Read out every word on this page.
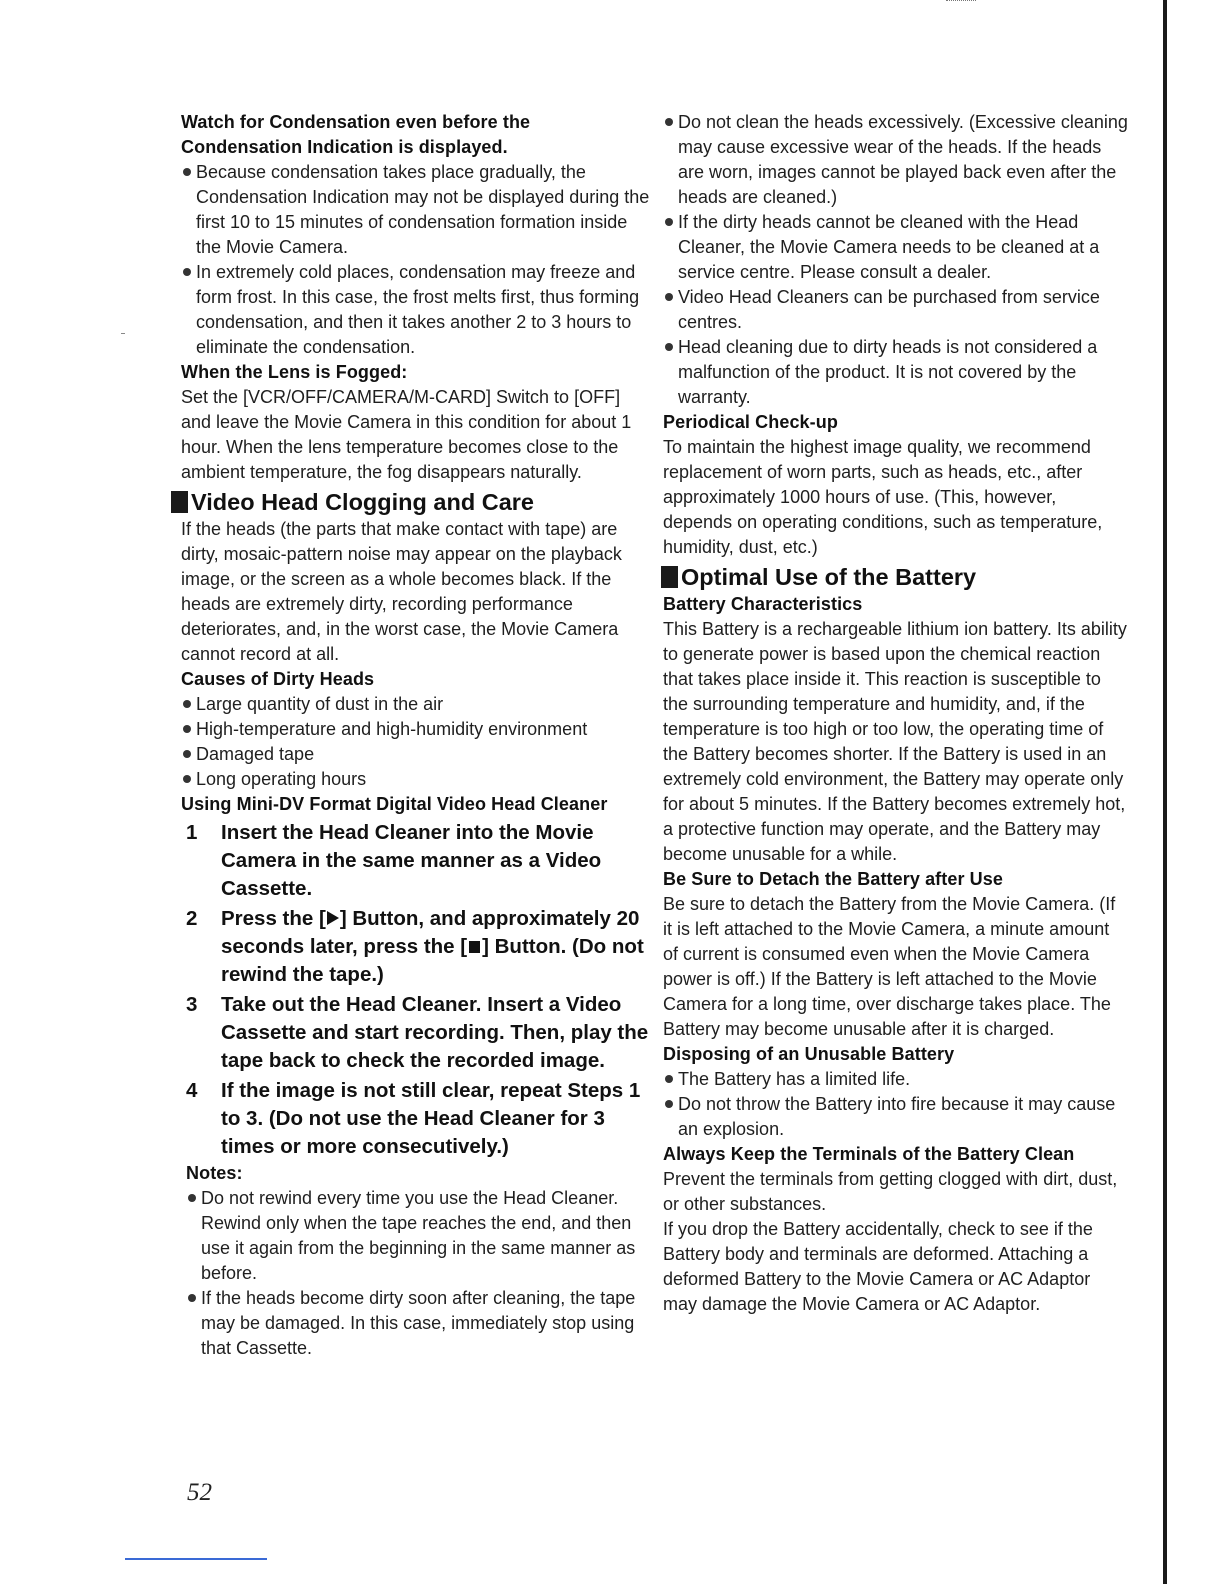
Watch for Condensation even before the Condensation Indication is displayed.
Because condensation takes place gradually, the Condensation Indication may not be displayed during the first 10 to 15 minutes of condensation formation inside the Movie Camera.
In extremely cold places, condensation may freeze and form frost. In this case, the frost melts first, thus forming condensation, and then it takes another 2 to 3 hours to eliminate the condensation.
When the Lens is Fogged:

Set the [VCR/OFF/CAMERA/M-CARD] Switch to [OFF] and leave the Movie Camera in this condition for about 1 hour. When the lens temperature becomes close to the ambient temperature, the fog disappears naturally.

Video Head Clogging and Care

If the heads (the parts that make contact with tape) are dirty, mosaic-pattern noise may appear on the playback image, or the screen as a whole becomes black. If the heads are extremely dirty, recording performance deteriorates, and, in the worst case, the Movie Camera cannot record at all.

Causes of Dirty Heads
Large quantity of dust in the air
High-temperature and high-humidity environment
Damaged tape
Long operating hours
Using Mini-DV Format Digital Video Head Cleaner
1	Insert the Head Cleaner into the Movie Camera in the same manner as a Video Cassette.
2	Press the [ ] Button, and approximately 20 seconds later, press the [ ] Button. (Do not rewind the tape.)
3	Take out the Head Cleaner. Insert a Video Cassette and start recording. Then, play the tape back to check the recorded image.
4	If the image is not still clear, repeat Steps 1 to 3. (Do not use the Head Cleaner for 3 times or more consecutively.)
Notes:
Do not rewind every time you use the Head Cleaner. Rewind only when the tape reaches the end, and then use it again from the beginning in the same manner as before.
If the heads become dirty soon after cleaning, the tape may be damaged. In this case, immediately stop using that Cassette.
Do not clean the heads excessively. (Excessive cleaning may cause excessive wear of the heads. If the heads are worn, images cannot be played back even after the heads are cleaned.)
If the dirty heads cannot be cleaned with the Head Cleaner, the Movie Camera needs to be cleaned at a service centre. Please consult a dealer.
Video Head Cleaners can be purchased from service centres.
Head cleaning due to dirty heads is not considered a malfunction of the product. It is not covered by the warranty.
Periodical Check-up

To maintain the highest image quality, we recommend replacement of worn parts, such as heads, etc., after approximately 1000 hours of use. (This, however, depends on operating conditions, such as temperature, humidity, dust, etc.)

Optimal Use of the Battery
Battery Characteristics

This Battery is a rechargeable lithium ion battery. Its ability to generate power is based upon the chemical reaction that takes place inside it. This reaction is susceptible to the surrounding temperature and humidity, and, if the temperature is too high or too low, the operating time of the Battery becomes shorter. If the Battery is used in an extremely cold environment, the Battery may operate only for about 5 minutes. If the Battery becomes extremely hot, a protective function may operate, and the Battery may become unusable for a while.

Be Sure to Detach the Battery after Use

Be sure to detach the Battery from the Movie Camera. (If it is left attached to the Movie Camera, a minute amount of current is consumed even when the Movie Camera power is off.) If the Battery is left attached to the Movie Camera for a long time, over discharge takes place. The Battery may become unusable after it is charged.

Disposing of an Unusable Battery
The Battery has a limited life.
Do not throw the Battery into fire because it may cause an explosion.
Always Keep the Terminals of the Battery Clean

Prevent the terminals from getting clogged with dirt, dust, or other substances.

If you drop the Battery accidentally, check to see if the Battery body and terminals are deformed. Attaching a deformed Battery to the Movie Camera or AC Adaptor may damage the Movie Camera or AC Adaptor.

52
